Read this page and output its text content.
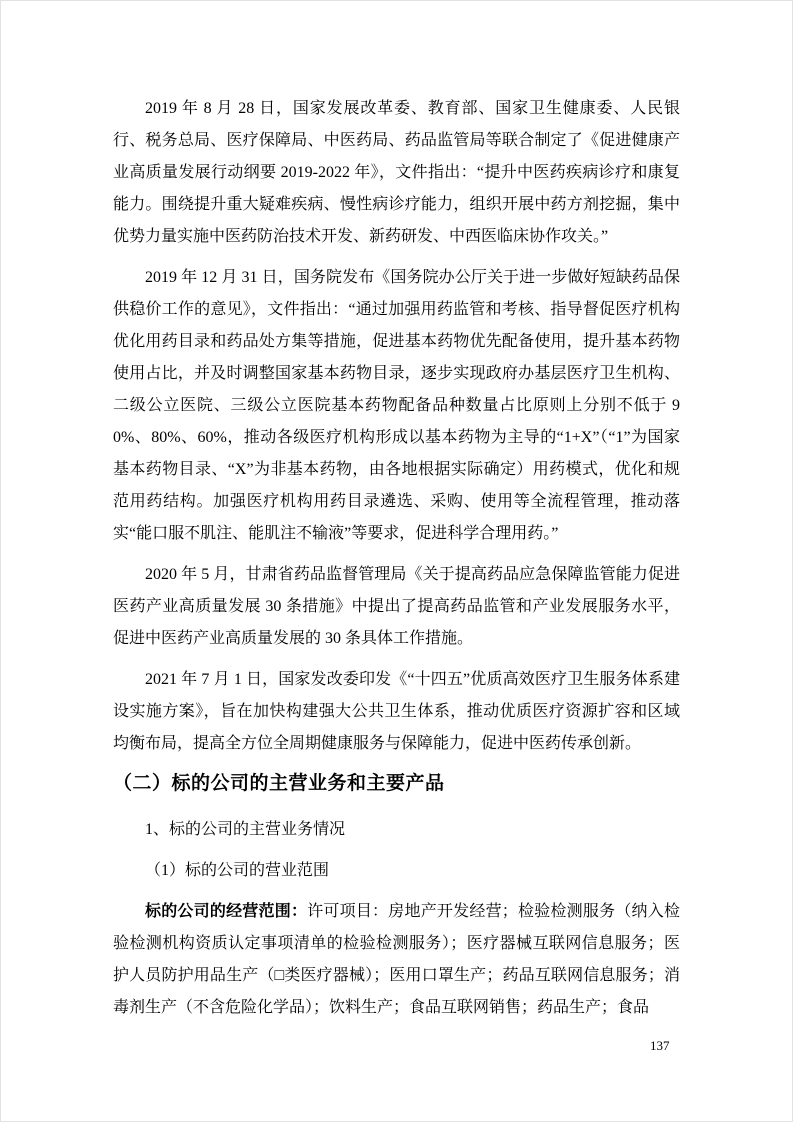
2019 年 8 月 28 日，国家发展改革委、教育部、国家卫生健康委、人民银行、税务总局、医疗保障局、中医药局、药品监管局等联合制定了《促进健康产业高质量发展行动纲要 2019-2022 年》，文件指出：“提升中医药疾病诊疗和康复能力。围绕提升重大疑难疾病、慢性病诊疗能力，组织开展中药方剂挖掘，集中优势力量实施中医药防治技术开发、新药研发、中西医临床协作攻关。”

2019 年 12 月 31 日，国务院发布《国务院办公厅关于进一步做好短缺药品保供稳价工作的意见》，文件指出：“通过加强用药监管和考核、指导督促医疗机构优化用药目录和药品处方集等措施，促进基本药物优先配备使用，提升基本药物使用占比，并及时调整国家基本药物目录，逐步实现政府办基层医疗卫生机构、二级公立医院、三级公立医院基本药物配备品种数量占比原则上分别不低于 90%、80%、60%，推动各级医疗机构形成以基本药物为主导的“1+X”（“1”为国家基本药物目录、“X”为非基本药物，由各地根据实际确定）用药模式，优化和规范用药结构。加强医疗机构用药目录遴选、采购、使用等全流程管理，推动落实“能口服不肌注、能肌注不输液”等要求，促进科学合理用药。”

2020 年 5 月，甘肃省药品监督管理局《关于提高药品应急保障监管能力促进医药产业高质量发展 30 条措施》中提出了提高药品监管和产业发展服务水平，促进中医药产业高质量发展的 30 条具体工作措施。

2021 年 7 月 1 日，国家发改委印发《“十四五”优质高效医疗卫生服务体系建设实施方案》，旨在加快构建强大公共卫生体系，推动优质医疗资源扩容和区域均衡布局，提高全方位全周期健康服务与保障能力，促进中医药传承创新。

（二）标的公司的主营业务和主要产品

1、标的公司的主营业务情况

（1）标的公司的营业范围

标的公司的经营范围：许可项目：房地产开发经营；检验检测服务（纳入检验检测机构资质认定事项清单的检验检测服务）；医疗器械互联网信息服务；医护人员防护用品生产（□类医疗器械）；医用口罩生产；药品互联网信息服务；消毒剂生产（不含危险化学品）；饮料生产；食品互联网销售；药品生产；食品

137
